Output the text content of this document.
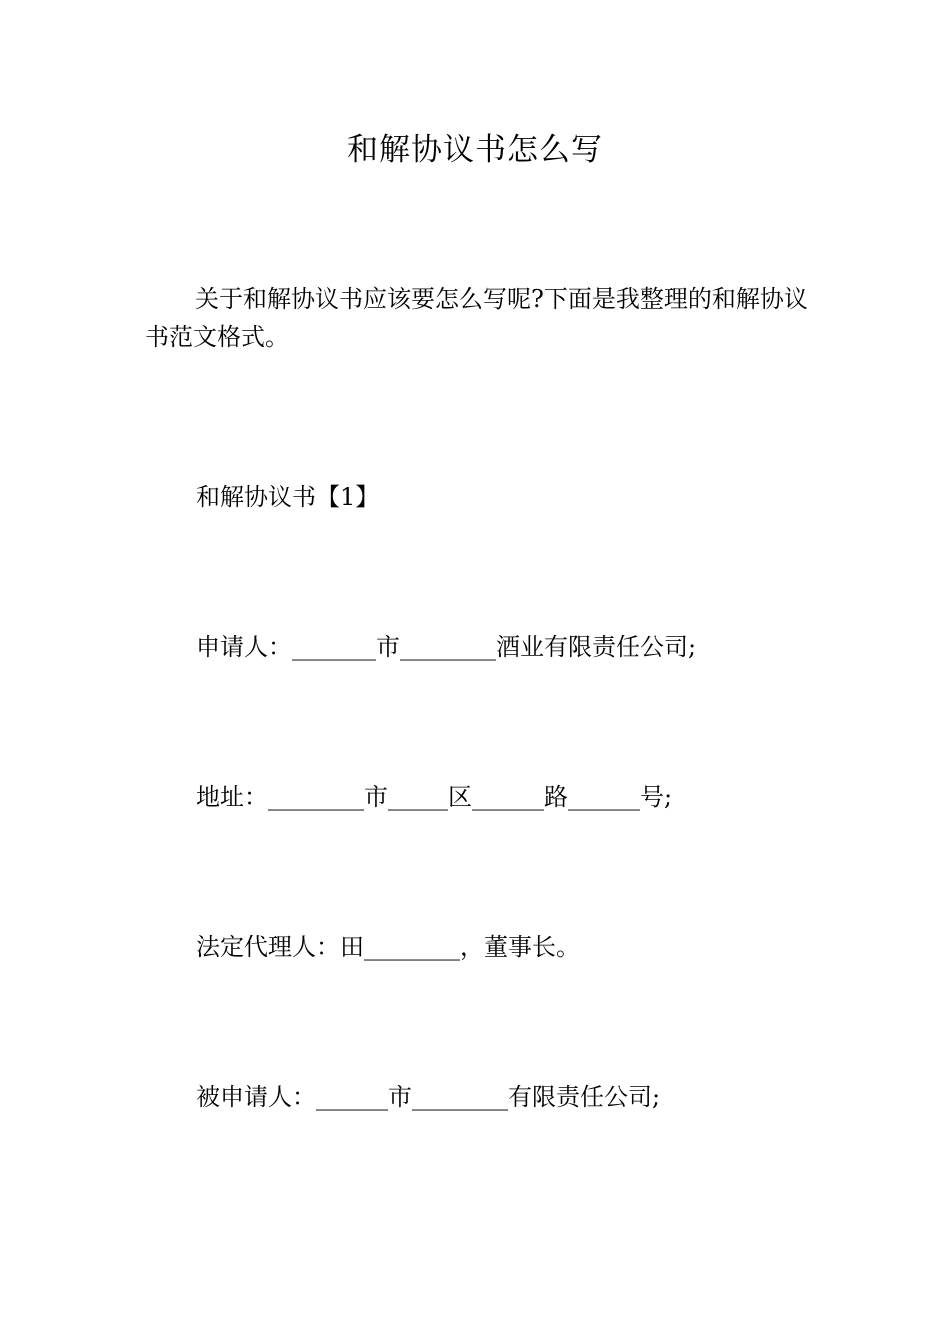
和解协议书怎么写

关于和解协议书应该要怎么写呢?下面是我整理的和解协议书范文格式。

和解协议书【1】

申请人：_______市________酒业有限责任公司;

地址：________市_____区______路______号;

法定代理人：田________，董事长。

被申请人：______市________有限责任公司;
